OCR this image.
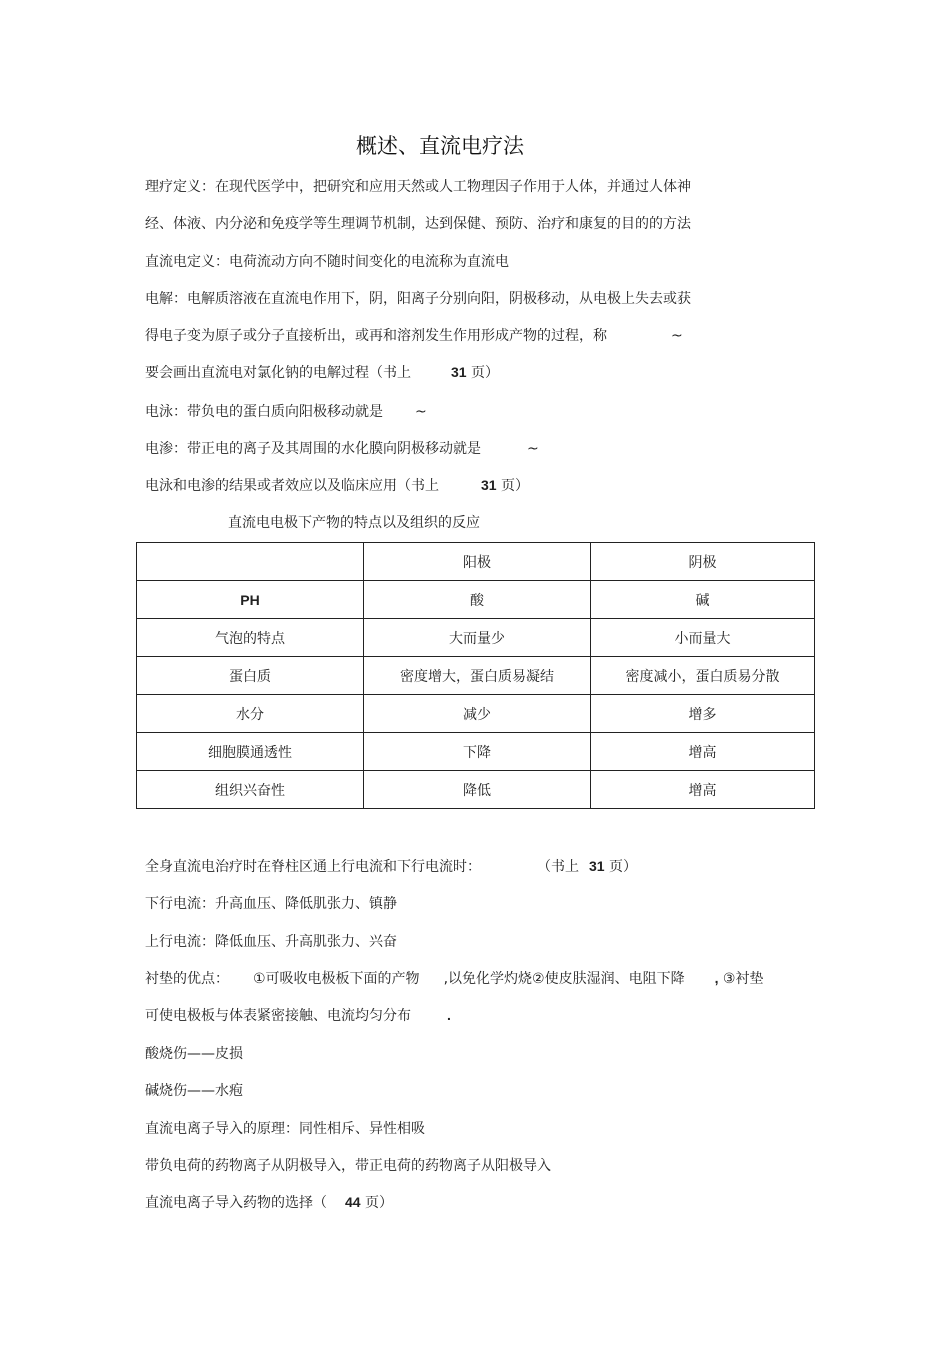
概述、直流电疗法
理疗定义：在现代医学中，把研究和应用天然或人工物理因子作用于人体，并通过人体神
经、体液、内分泌和免疫学等生理调节机制，达到保健、预防、治疗和康复的目的的方法
直流电定义：电荷流动方向不随时间变化的电流称为直流电
电解：电解质溶液在直流电作用下，阴，阳离子分别向阳，阴极移动，从电极上失去或获
得电子变为原子或分子直接析出，或再和溶剂发生作用形成产物的过程，称	~
要会画出直流电对氯化钠的电解过程（书上	31 页）
电泳：带负电的蛋白质向阳极移动就是 ~
电渗：带正电的离子及其周围的水化膜向阴极移动就是	~
电泳和电渗的结果或者效应以及临床应用（书上	31 页）
直流电电极下产物的特点以及组织的反应
	阳极	阴极
PH	酸	碱
气泡的特点	大而量少	小而量大
蛋白质	密度增大，蛋白质易凝结	密度减小，蛋白质易分散
水分	减少	增多
细胞膜通透性	下降	增高
组织兴奋性	降低	增高
全身直流电治疗时在脊柱区通上行电流和下行电流时：	（书上 31 页）
下行电流：升高血压、降低肌张力、镇静
上行电流：降低血压、升高肌张力、兴奋
衬垫的优点： ①可吸收电极板下面的产物 ,以免化学灼烧②使皮肤湿润、电阻下降 , ③衬垫
可使电极板与体表紧密接触、电流均匀分布	.
酸烧伤——皮损
碱烧伤——水疱
直流电离子导入的原理：同性相斥、异性相吸
带负电荷的药物离子从阴极导入，带正电荷的药物离子从阳极导入
直流电离子导入药物的选择（ 44 页）
